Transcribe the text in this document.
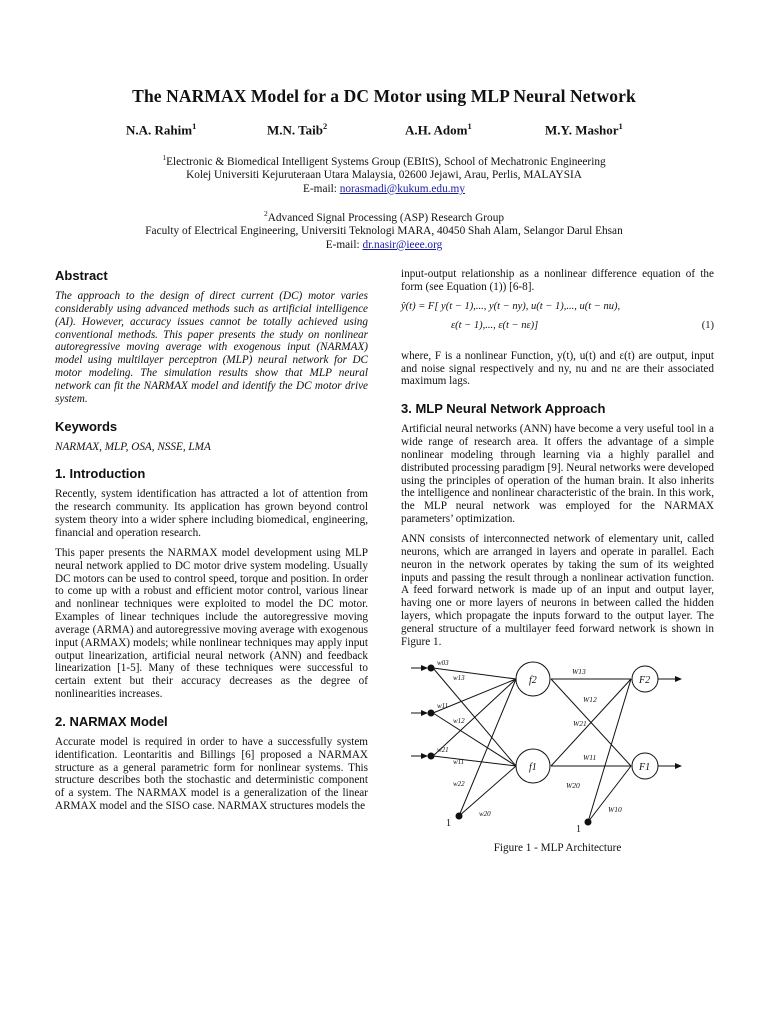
The NARMAX Model for a DC Motor using MLP Neural Network
N.A. Rahim$^1$	M.N. Taib$^2$	A.H. Adom$^1$	M.Y. Mashor$^1$
$^1$Electronic & Biomedical Intelligent Systems Group (EBItS), School of Mechatronic Engineering
Kolej Universiti Kejuruteraan Utara Malaysia, 02600 Jejawi, Arau, Perlis, MALAYSIA
E-mail: norasmadi@kukum.edu.my
$^2$Advanced Signal Processing (ASP) Research Group
Faculty of Electrical Engineering, Universiti Teknologi MARA, 40450 Shah Alam, Selangor Darul Ehsan
E-mail: dr.nasir@ieee.org
Abstract

The approach to the design of direct current (DC) motor varies considerably using advanced methods such as artificial intelligence (AI). However, accuracy issues cannot be totally achieved using conventional methods. This paper presents the study on nonlinear autoregressive moving average with exogenous input (NARMAX) model using multilayer perceptron (MLP) neural network for DC motor modeling. The simulation results show that MLP neural network can fit the NARMAX model and identify the DC motor drive system.

Keywords

NARMAX, MLP, OSA, NSSE, LMA

1. Introduction

Recently, system identification has attracted a lot of attention from the research community. Its application has grown beyond control system theory into a wider sphere including biomedical, engineering, financial and operation research.

This paper presents the NARMAX model development using MLP neural network applied to DC motor drive system modeling. Usually DC motors can be used to control speed, torque and position. In order to come up with a robust and efficient motor control, various linear and nonlinear techniques were exploited to model the DC motor. Examples of linear techniques include the autoregressive moving average (ARMA) and autoregressive moving average with exogenous input (ARMAX) models; while nonlinear techniques may apply input output linearization, artificial neural network (ANN) and feedback linearization [1-5]. Many of these techniques were successful to certain extent but their accuracy decreases as the degree of nonlinearities increases.

2. NARMAX Model

Accurate model is required in order to have a successfully system identification. Leontaritis and Billings [6] proposed a NARMAX structure as a general parametric form for nonlinear systems. This structure describes both the stochastic and deterministic component of a system. The NARMAX model is a generalization of the linear ARMAX model and the SISO case. NARMAX structures models the

input-output relationship as a nonlinear difference equation of the form (see Equation (1)) [6-8].

ŷ(t) = F[ y(t − 1),..., y(t − ny), u(t − 1),..., u(t − nu),
ε(t − 1),..., ε(t − nε)]	(1)

where, F is a nonlinear Function, y(t), u(t) and ε(t) are output, input and noise signal respectively and ny, nu and nε are their associated maximum lags.

3. MLP Neural Network Approach

Artificial neural networks (ANN) have become a very useful tool in a wide range of research area. It offers the advantage of a simple nonlinear modeling through learning via a highly parallel and distributed processing paradigm [9]. Neural networks were developed using the principles of operation of the human brain. It also inherits the intelligence and nonlinear characteristic of the brain. In this work, the MLP neural network was employed for the NARMAX parameters’ optimization.

ANN consists of interconnected network of elementary unit, called neurons, which are arranged in layers and operate in parallel. Each neuron in the network operates by taking the sum of its weighted inputs and passing the result through a nonlinear activation function. A feed forward network is made up of an input and output layer, having one or more layers of neurons in between called the hidden layers, which propagate the inputs forward to the output layer. The general structure of a multilayer feed forward network is shown in Figure 1.

f2
f1
F2
F1
w03
w13
w11
w12
w21
w11
w22
w20
W13
W12
W21
W11
W20
W10
1
1
Figure 1 - MLP Architecture
